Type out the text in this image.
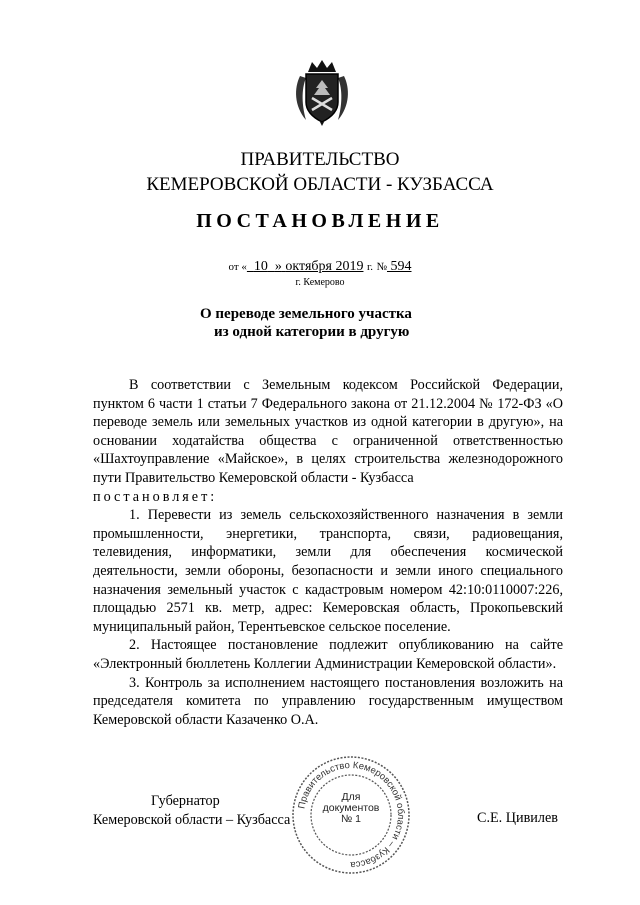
ПРАВИТЕЛЬСТВО
КЕМЕРОВСКОЙ ОБЛАСТИ - КУЗБАССА
ПОСТАНОВЛЕНИЕ
от « 10 » октября 2019 г. № 594
г. Кемерово
О переводе земельного участка
из одной категории в другую

В соответствии с Земельным кодексом Российской Федерации, пунктом 6 части 1 статьи 7 Федерального закона от 21.12.2004 № 172-ФЗ «О переводе земель или земельных участков из одной категории в другую», на основании ходатайства общества с ограниченной ответственностью «Шахтоуправление «Майское», в целях строительства железнодорожного пути Правительство Кемеровской области - Кузбасса

постановляет:

1. Перевести из земель сельскохозяйственного назначения в земли промышленности, энергетики, транспорта, связи, радиовещания, телевидения, информатики, земли для обеспечения космической деятельности, земли обороны, безопасности и земли иного специального назначения земельный участок с кадастровым номером 42:10:0110007:226, площадью 2571 кв. метр, адрес: Кемеровская область, Прокопьевский муниципальный район, Терентьевское сельское поселение.

2. Настоящее постановление подлежит опубликованию на сайте «Электронный бюллетень Коллегии Администрации Кемеровской области».

3. Контроль за исполнением настоящего постановления возложить на председателя комитета по управлению государственным имуществом Кемеровской области Казаченко О.А.

Правительство Кемеровской области – Кузбасса
Для
документов
№ 1
Губернатор
Кемеровской области – Кузбасса	С.Е. Цивилев
